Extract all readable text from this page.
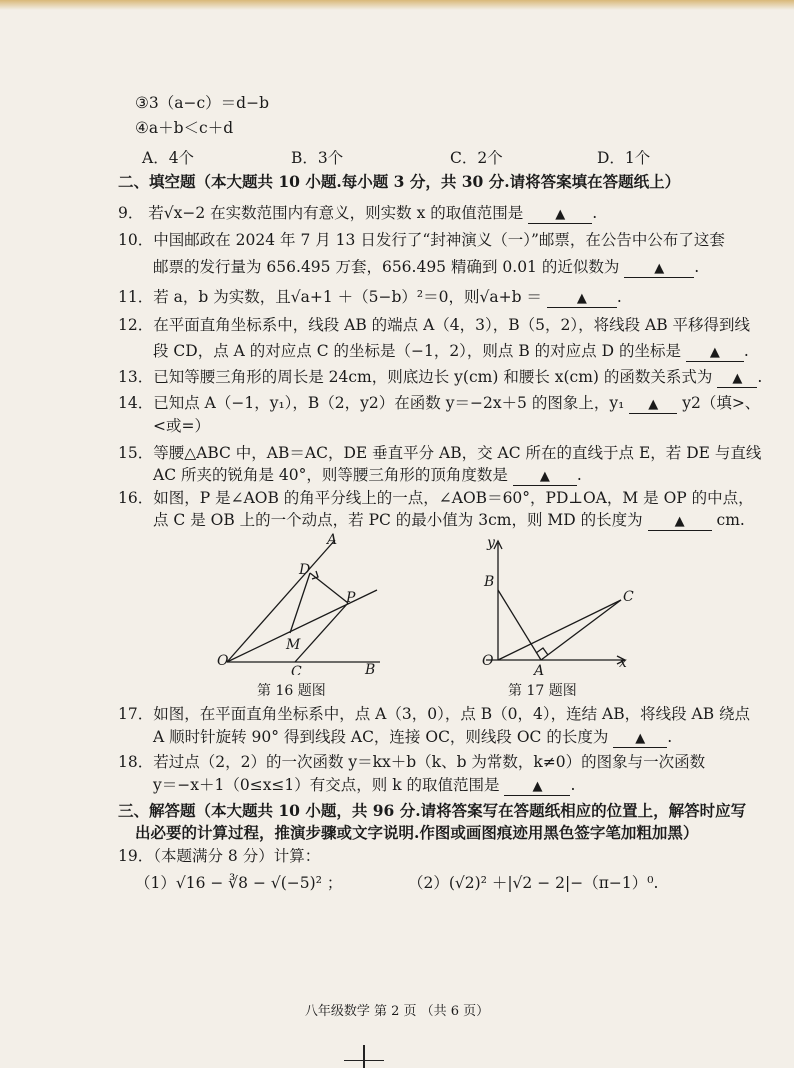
③3（a−c）＝d−b
④a＋b＜c＋d
A．4个	B．3个	C．2个	D．1个
二、填空题（本大题共 10 小题.每小题 3 分，共 30 分.请将答案填在答题纸上）
9． 若√x−2 在实数范围内有意义，则实数 x 的取值范围是 ▲ .
10．中国邮政在 2024 年 7 月 13 日发行了“封神演义（一）”邮票，在公告中公布了这套
邮票的发行量为 656.495 万套，656.495 精确到 0.01 的近似数为	▲ .
11．若 a，b 为实数，且√a+1 ＋（5−b）²＝0，则√a+b ＝	▲ .
12．在平面直角坐标系中，线段 AB 的端点 A（4，3），B（5，2），将线段 AB 平移得到线
段 CD，点 A 的对应点 C 的坐标是（−1，2），则点 B 的对应点 D 的坐标是 ▲ .
13．已知等腰三角形的周长是 24cm，则底边长 y(cm) 和腰长 x(cm) 的函数关系式为 ▲ .
14．已知点 A（−1，y₁），B（2，y2）在函数 y＝−2x＋5 的图象上，y₁ ▲ y2（填>、
<或=）
15．等腰△ABC 中，AB＝AC，DE 垂直平分 AB，交 AC 所在的直线于点 E，若 DE 与直线
AC 所夹的锐角是 40°，则等腰三角形的顶角度数是 ▲ .
16．如图，P 是∠AOB 的角平分线上的一点，∠AOB＝60°，PD⊥OA，M 是 OP 的中点，
点 C 是 OB 上的一个动点，若 PC 的最小值为 3cm，则 MD 的长度为 ▲ cm.
A
D
P
M
O
C	B
第 16 题图
y
B
C
O
A	x
第 17 题图
17．如图，在平面直角坐标系中，点 A（3，0），点 B（0，4），连结 AB，将线段 AB 绕点
A 顺时针旋转 90° 得到线段 AC，连接 OC，则线段 OC 的长度为 ▲ .
18．若过点（2，2）的一次函数 y＝kx＋b（k、b 为常数，k≠0）的图象与一次函数
y＝−x＋1（0≤x≤1）有交点，则 k 的取值范围是	▲ .
三、解答题（本大题共 10 小题，共 96 分.请将答案写在答题纸相应的位置上，解答时应写
出必要的计算过程，推演步骤或文字说明.作图或画图痕迹用黑色签字笔加粗加黑）
19．（本题满分 8 分）计算：
（1）√16 − ∛8 − √(−5)² ；	（2）(√2)² ＋|√2 − 2|−（π−1）⁰.
八年级数学 第 2 页 （共 6 页）
